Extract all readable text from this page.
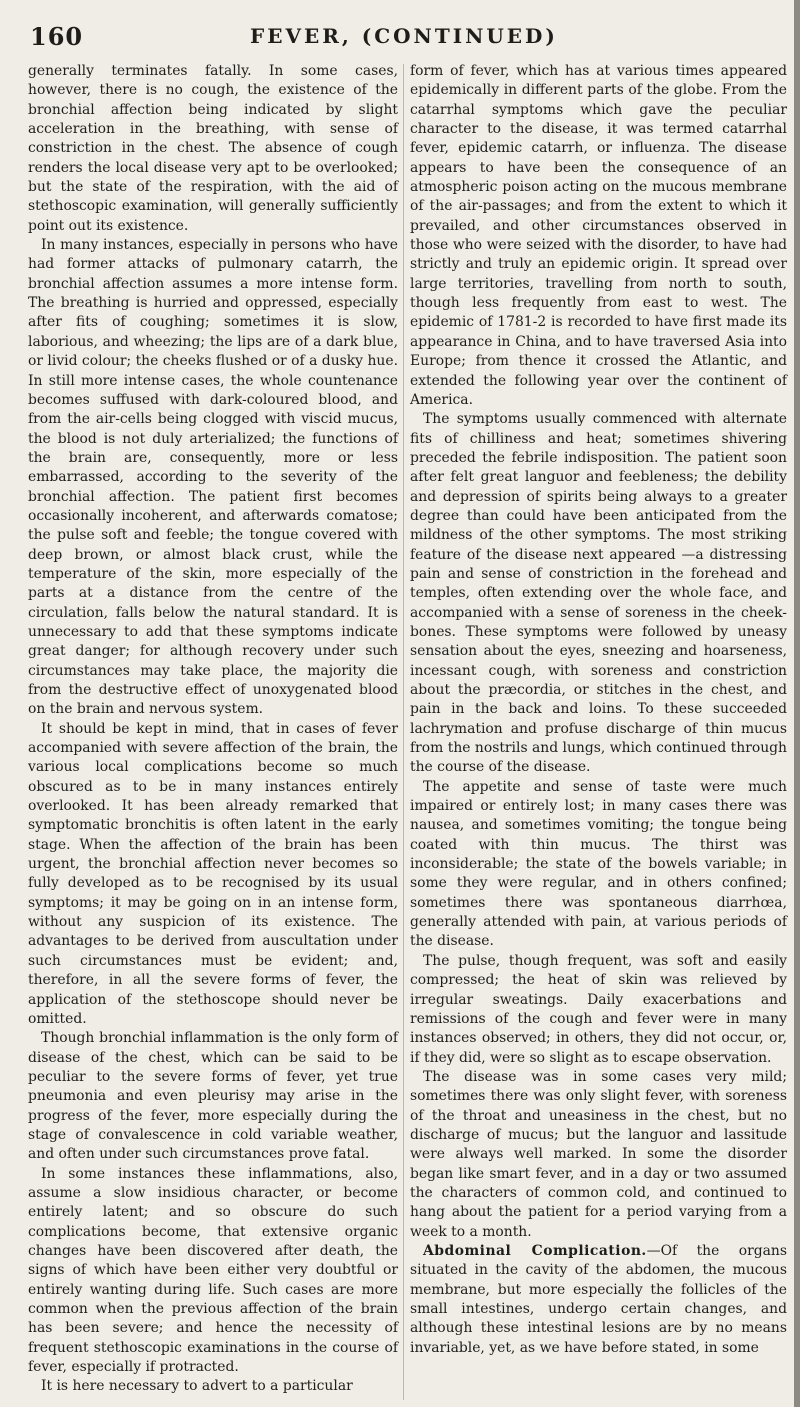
160	FEVER, (CONTINUED)

generally terminates fatally. In some cases, however, there is no cough, the existence of the bronchial affection being indicated by slight acceleration in the breathing, with sense of constriction in the chest. The absence of cough renders the local disease very apt to be overlooked; but the state of the respiration, with the aid of stethoscopic examination, will generally sufficiently point out its existence.

In many instances, especially in persons who have had former attacks of pulmonary catarrh, the bronchial affection assumes a more intense form. The breathing is hurried and oppressed, especially after fits of coughing; sometimes it is slow, laborious, and wheezing; the lips are of a dark blue, or livid colour; the cheeks flushed or of a dusky hue. In still more intense cases, the whole countenance becomes suffused with dark-coloured blood, and from the air-cells being clogged with viscid mucus, the blood is not duly arterialized; the functions of the brain are, consequently, more or less embarrassed, according to the severity of the bronchial affection. The patient first becomes occasionally incoherent, and afterwards comatose; the pulse soft and feeble; the tongue covered with deep brown, or almost black crust, while the temperature of the skin, more especially of the parts at a distance from the centre of the circulation, falls below the natural standard. It is unnecessary to add that these symptoms indicate great danger; for although recovery under such circumstances may take place, the majority die from the destructive effect of unoxygenated blood on the brain and nervous system.

It should be kept in mind, that in cases of fever accompanied with severe affection of the brain, the various local complications become so much obscured as to be in many instances entirely overlooked. It has been already remarked that symptomatic bronchitis is often latent in the early stage. When the affection of the brain has been urgent, the bronchial affection never becomes so fully developed as to be recognised by its usual symptoms; it may be going on in an intense form, without any suspicion of its existence. The advantages to be derived from auscultation under such circumstances must be evident; and, therefore, in all the severe forms of fever, the application of the stethoscope should never be omitted.

Though bronchial inflammation is the only form of disease of the chest, which can be said to be peculiar to the severe forms of fever, yet true pneumonia and even pleurisy may arise in the progress of the fever, more especially during the stage of convalescence in cold variable weather, and often under such circumstances prove fatal.

In some instances these inflammations, also, assume a slow insidious character, or become entirely latent; and so obscure do such complications become, that extensive organic changes have been discovered after death, the signs of which have been either very doubtful or entirely wanting during life. Such cases are more common when the previous affection of the brain has been severe; and hence the necessity of frequent stethoscopic examinations in the course of fever, especially if protracted.

It is here necessary to advert to a particular

form of fever, which has at various times appeared epidemically in different parts of the globe. From the catarrhal symptoms which gave the peculiar character to the disease, it was termed catarrhal fever, epidemic catarrh, or influenza. The disease appears to have been the consequence of an atmospheric poison acting on the mucous membrane of the air-passages; and from the extent to which it prevailed, and other circumstances observed in those who were seized with the disorder, to have had strictly and truly an epidemic origin. It spread over large territories, travelling from north to south, though less frequently from east to west. The epidemic of 1781-2 is recorded to have first made its appearance in China, and to have traversed Asia into Europe; from thence it crossed the Atlantic, and extended the following year over the continent of America.

The symptoms usually commenced with alternate fits of chilliness and heat; sometimes shivering preceded the febrile indisposition. The patient soon after felt great languor and feebleness; the debility and depression of spirits being always to a greater degree than could have been anticipated from the mildness of the other symptoms. The most striking feature of the disease next appeared —a distressing pain and sense of constriction in the forehead and temples, often extending over the whole face, and accompanied with a sense of soreness in the cheek-bones. These symptoms were followed by uneasy sensation about the eyes, sneezing and hoarseness, incessant cough, with soreness and constriction about the præcordia, or stitches in the chest, and pain in the back and loins. To these succeeded lachrymation and profuse discharge of thin mucus from the nostrils and lungs, which continued through the course of the disease.

The appetite and sense of taste were much impaired or entirely lost; in many cases there was nausea, and sometimes vomiting; the tongue being coated with thin mucus. The thirst was inconsiderable; the state of the bowels variable; in some they were regular, and in others confined; sometimes there was spontaneous diarrhœa, generally attended with pain, at various periods of the disease.

The pulse, though frequent, was soft and easily compressed; the heat of skin was relieved by irregular sweatings. Daily exacerbations and remissions of the cough and fever were in many instances observed; in others, they did not occur, or, if they did, were so slight as to escape observation.

The disease was in some cases very mild; sometimes there was only slight fever, with soreness of the throat and uneasiness in the chest, but no discharge of mucus; but the languor and lassitude were always well marked. In some the disorder began like smart fever, and in a day or two assumed the characters of common cold, and continued to hang about the patient for a period varying from a week to a month.

Abdominal Complication.—Of the organs situated in the cavity of the abdomen, the mucous membrane, but more especially the follicles of the small intestines, undergo certain changes, and although these intestinal lesions are by no means invariable, yet, as we have before stated, in some
